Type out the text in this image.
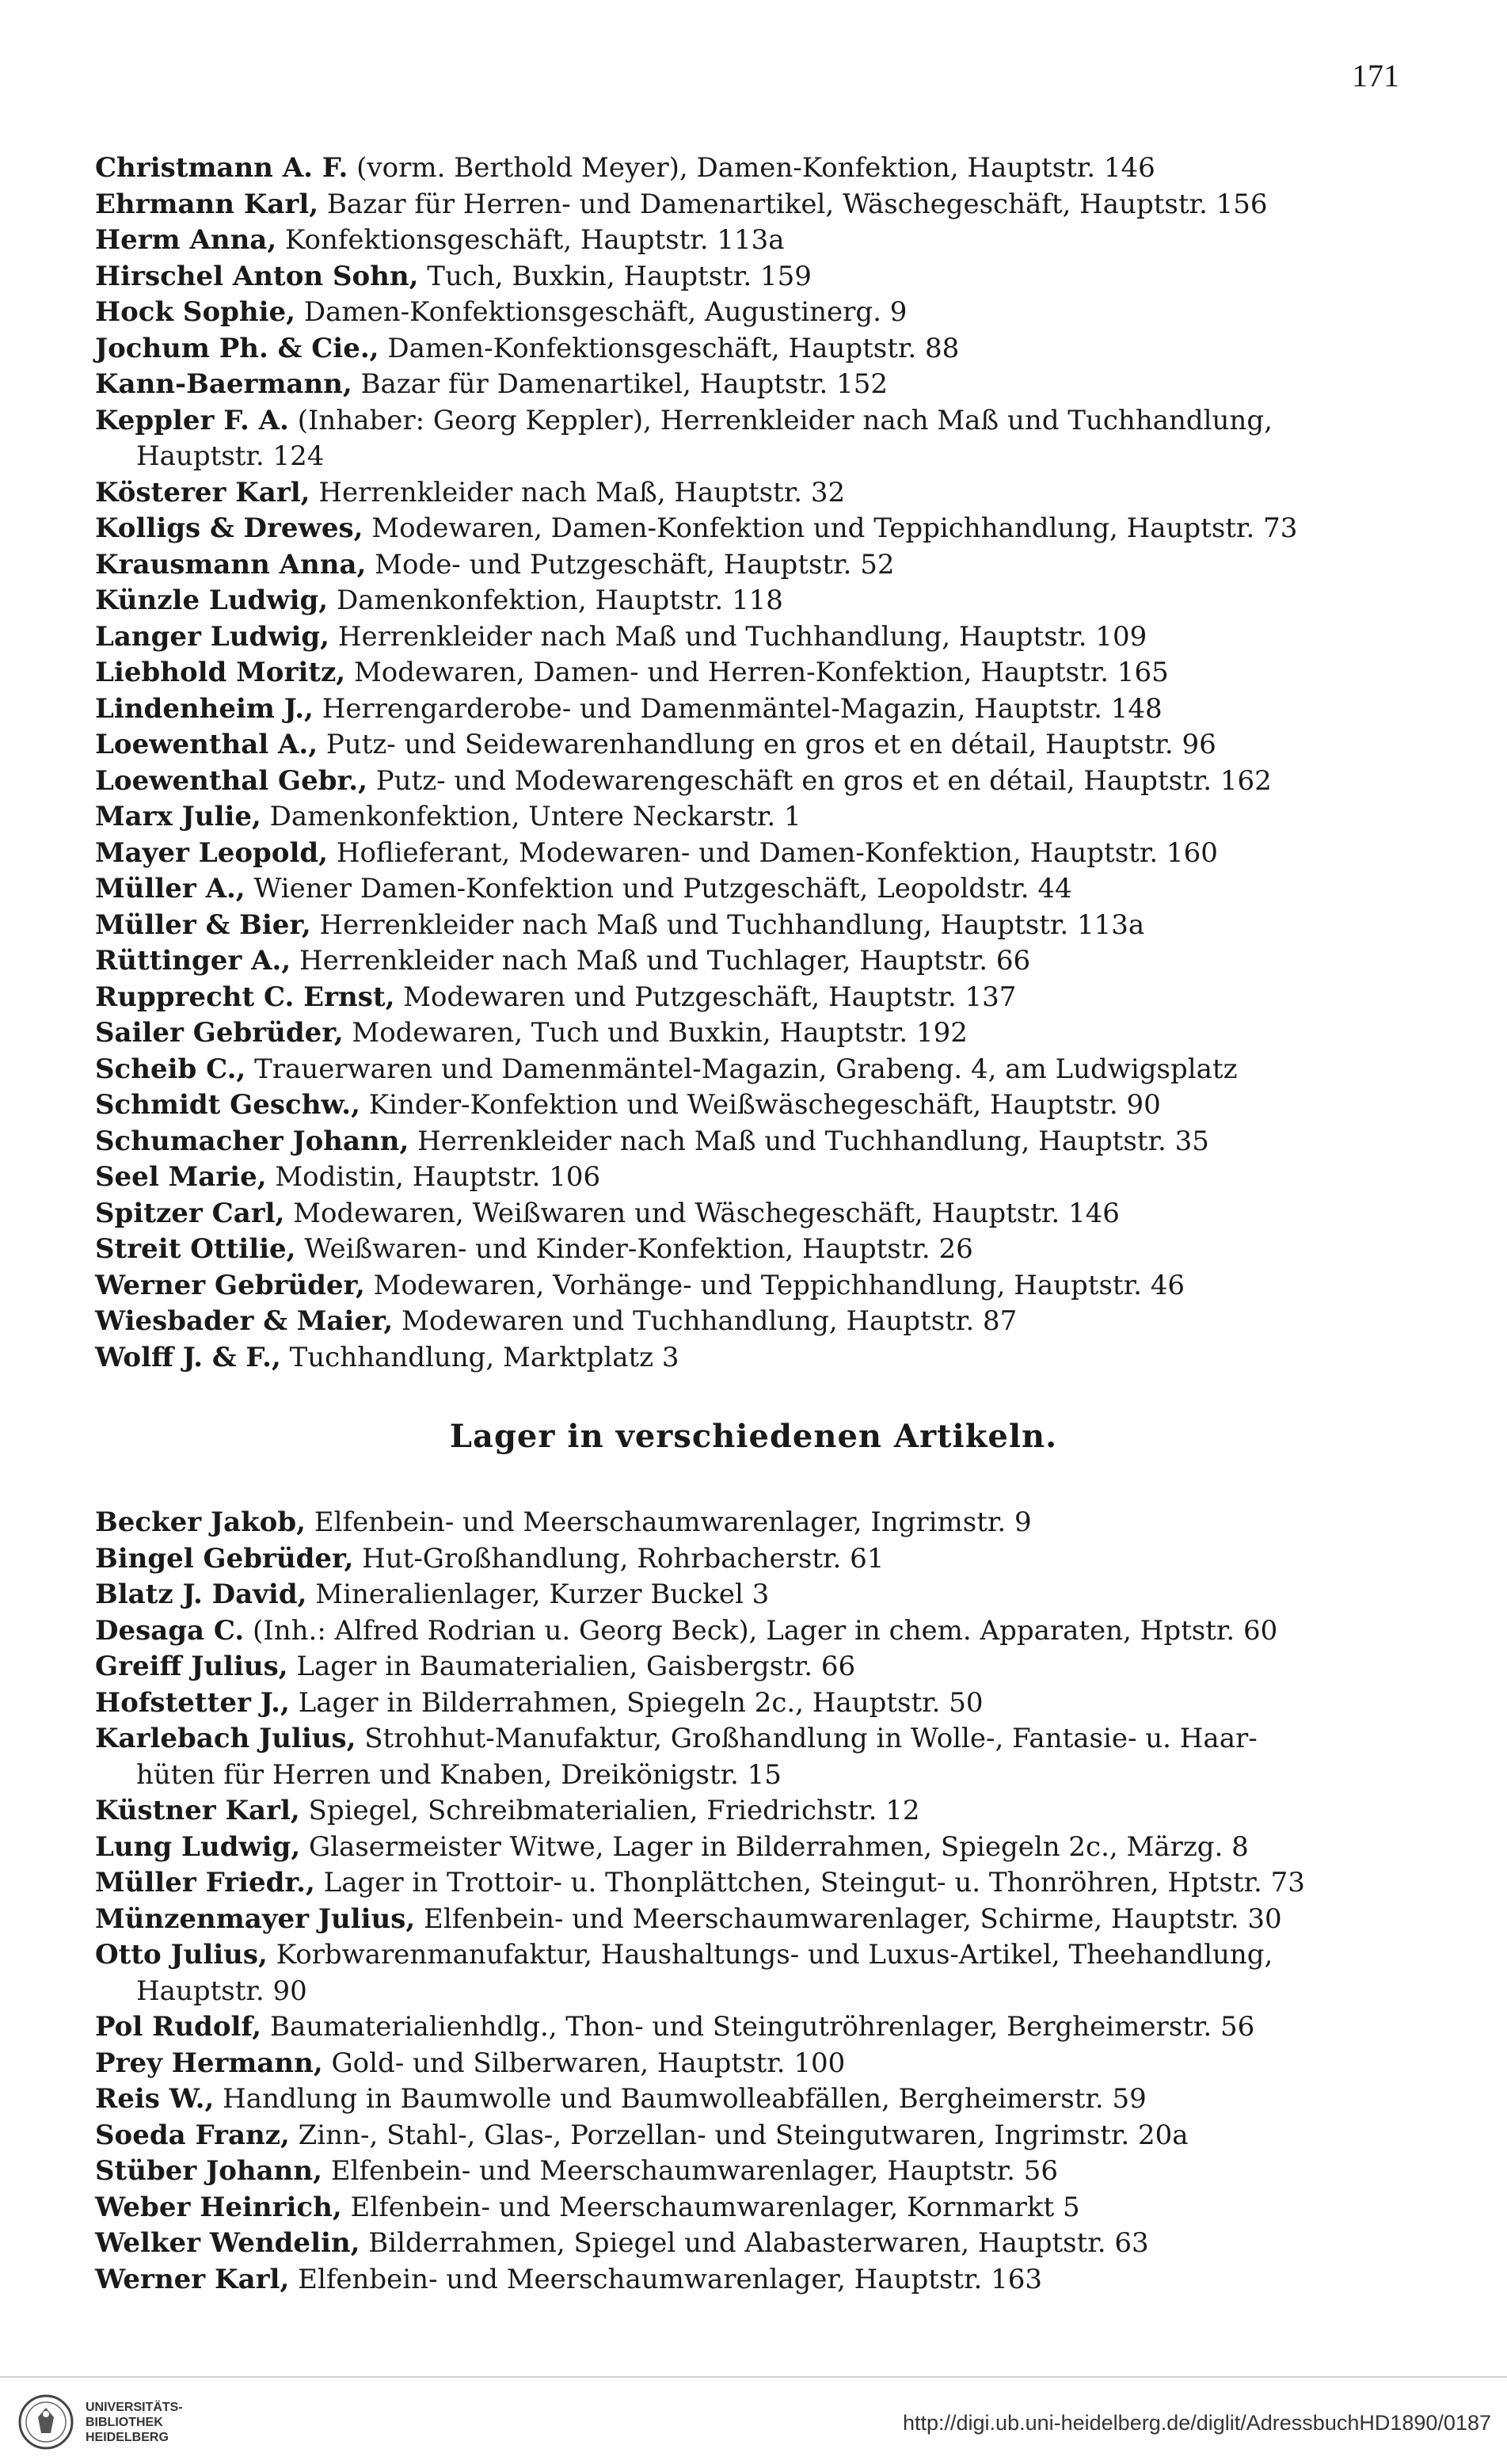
171
Christmann A. F. (vorm. Berthold Meyer), Damen-Konfektion, Hauptstr. 146
Ehrmann Karl, Bazar für Herren- und Damenartikel, Wäschegeschäft, Hauptstr. 156
Herm Anna, Konfektionsgeschäft, Hauptstr. 113a
Hirschel Anton Sohn, Tuch, Buxkin, Hauptstr. 159
Hock Sophie, Damen-Konfektionsgeschäft, Augustinerg. 9
Jochum Ph. & Cie., Damen-Konfektionsgeschäft, Hauptstr. 88
Kann-Baermann, Bazar für Damenartikel, Hauptstr. 152
Keppler F. A. (Inhaber: Georg Keppler), Herrenkleider nach Maß und Tuchhandlung,
Hauptstr. 124
Kösterer Karl, Herrenkleider nach Maß, Hauptstr. 32
Kolligs & Drewes, Modewaren, Damen-Konfektion und Teppichhandlung, Hauptstr. 73
Krausmann Anna, Mode- und Putzgeschäft, Hauptstr. 52
Künzle Ludwig, Damenkonfektion, Hauptstr. 118
Langer Ludwig, Herrenkleider nach Maß und Tuchhandlung, Hauptstr. 109
Liebhold Moritz, Modewaren, Damen- und Herren-Konfektion, Hauptstr. 165
Lindenheim J., Herrengarderobe- und Damenmäntel-Magazin, Hauptstr. 148
Loewenthal A., Putz- und Seidewarenhandlung en gros et en détail, Hauptstr. 96
Loewenthal Gebr., Putz- und Modewarengeschäft en gros et en détail, Hauptstr. 162
Marx Julie, Damenkonfektion, Untere Neckarstr. 1
Mayer Leopold, Hoflieferant, Modewaren- und Damen-Konfektion, Hauptstr. 160
Müller A., Wiener Damen-Konfektion und Putzgeschäft, Leopoldstr. 44
Müller & Bier, Herrenkleider nach Maß und Tuchhandlung, Hauptstr. 113a
Rüttinger A., Herrenkleider nach Maß und Tuchlager, Hauptstr. 66
Rupprecht C. Ernst, Modewaren und Putzgeschäft, Hauptstr. 137
Sailer Gebrüder, Modewaren, Tuch und Buxkin, Hauptstr. 192
Scheib C., Trauerwaren und Damenmäntel-Magazin, Grabeng. 4, am Ludwigsplatz
Schmidt Geschw., Kinder-Konfektion und Weißwäschegeschäft, Hauptstr. 90
Schumacher Johann, Herrenkleider nach Maß und Tuchhandlung, Hauptstr. 35
Seel Marie, Modistin, Hauptstr. 106
Spitzer Carl, Modewaren, Weißwaren und Wäschegeschäft, Hauptstr. 146
Streit Ottilie, Weißwaren- und Kinder-Konfektion, Hauptstr. 26
Werner Gebrüder, Modewaren, Vorhänge- und Teppichhandlung, Hauptstr. 46
Wiesbader & Maier, Modewaren und Tuchhandlung, Hauptstr. 87
Wolff J. & F., Tuchhandlung, Marktplatz 3
Lager in verschiedenen Artikeln.
Becker Jakob, Elfenbein- und Meerschaumwarenlager, Ingrimstr. 9
Bingel Gebrüder, Hut-Großhandlung, Rohrbacherstr. 61
Blatz J. David, Mineralienlager, Kurzer Buckel 3
Desaga C. (Inh.: Alfred Rodrian u. Georg Beck), Lager in chem. Apparaten, Hptstr. 60
Greiff Julius, Lager in Baumaterialien, Gaisbergstr. 66
Hofstetter J., Lager in Bilderrahmen, Spiegeln 2c., Hauptstr. 50
Karlebach Julius, Strohhut-Manufaktur, Großhandlung in Wolle-, Fantasie- u. Haar-
hüten für Herren und Knaben, Dreikönigstr. 15
Küstner Karl, Spiegel, Schreibmaterialien, Friedrichstr. 12
Lung Ludwig, Glasermeister Witwe, Lager in Bilderrahmen, Spiegeln 2c., Märzg. 8
Müller Friedr., Lager in Trottoir- u. Thonplättchen, Steingut- u. Thonröhren, Hptstr. 73
Münzenmayer Julius, Elfenbein- und Meerschaumwarenlager, Schirme, Hauptstr. 30
Otto Julius, Korbwarenmanufaktur, Haushaltungs- und Luxus-Artikel, Theehandlung,
Hauptstr. 90
Pol Rudolf, Baumaterialienhdlg., Thon- und Steingutröhrenlager, Bergheimerstr. 56
Prey Hermann, Gold- und Silberwaren, Hauptstr. 100
Reis W., Handlung in Baumwolle und Baumwolleabfällen, Bergheimerstr. 59
Soeda Franz, Zinn-, Stahl-, Glas-, Porzellan- und Steingutwaren, Ingrimstr. 20a
Stüber Johann, Elfenbein- und Meerschaumwarenlager, Hauptstr. 56
Weber Heinrich, Elfenbein- und Meerschaumwarenlager, Kornmarkt 5
Welker Wendelin, Bilderrahmen, Spiegel und Alabasterwaren, Hauptstr. 63
Werner Karl, Elfenbein- und Meerschaumwarenlager, Hauptstr. 163
UNIVERSITÄTS-
BIBLIOTHEK
HEIDELBERG
http://digi.ub.uni-heidelberg.de/diglit/AdressbuchHD1890/0187
